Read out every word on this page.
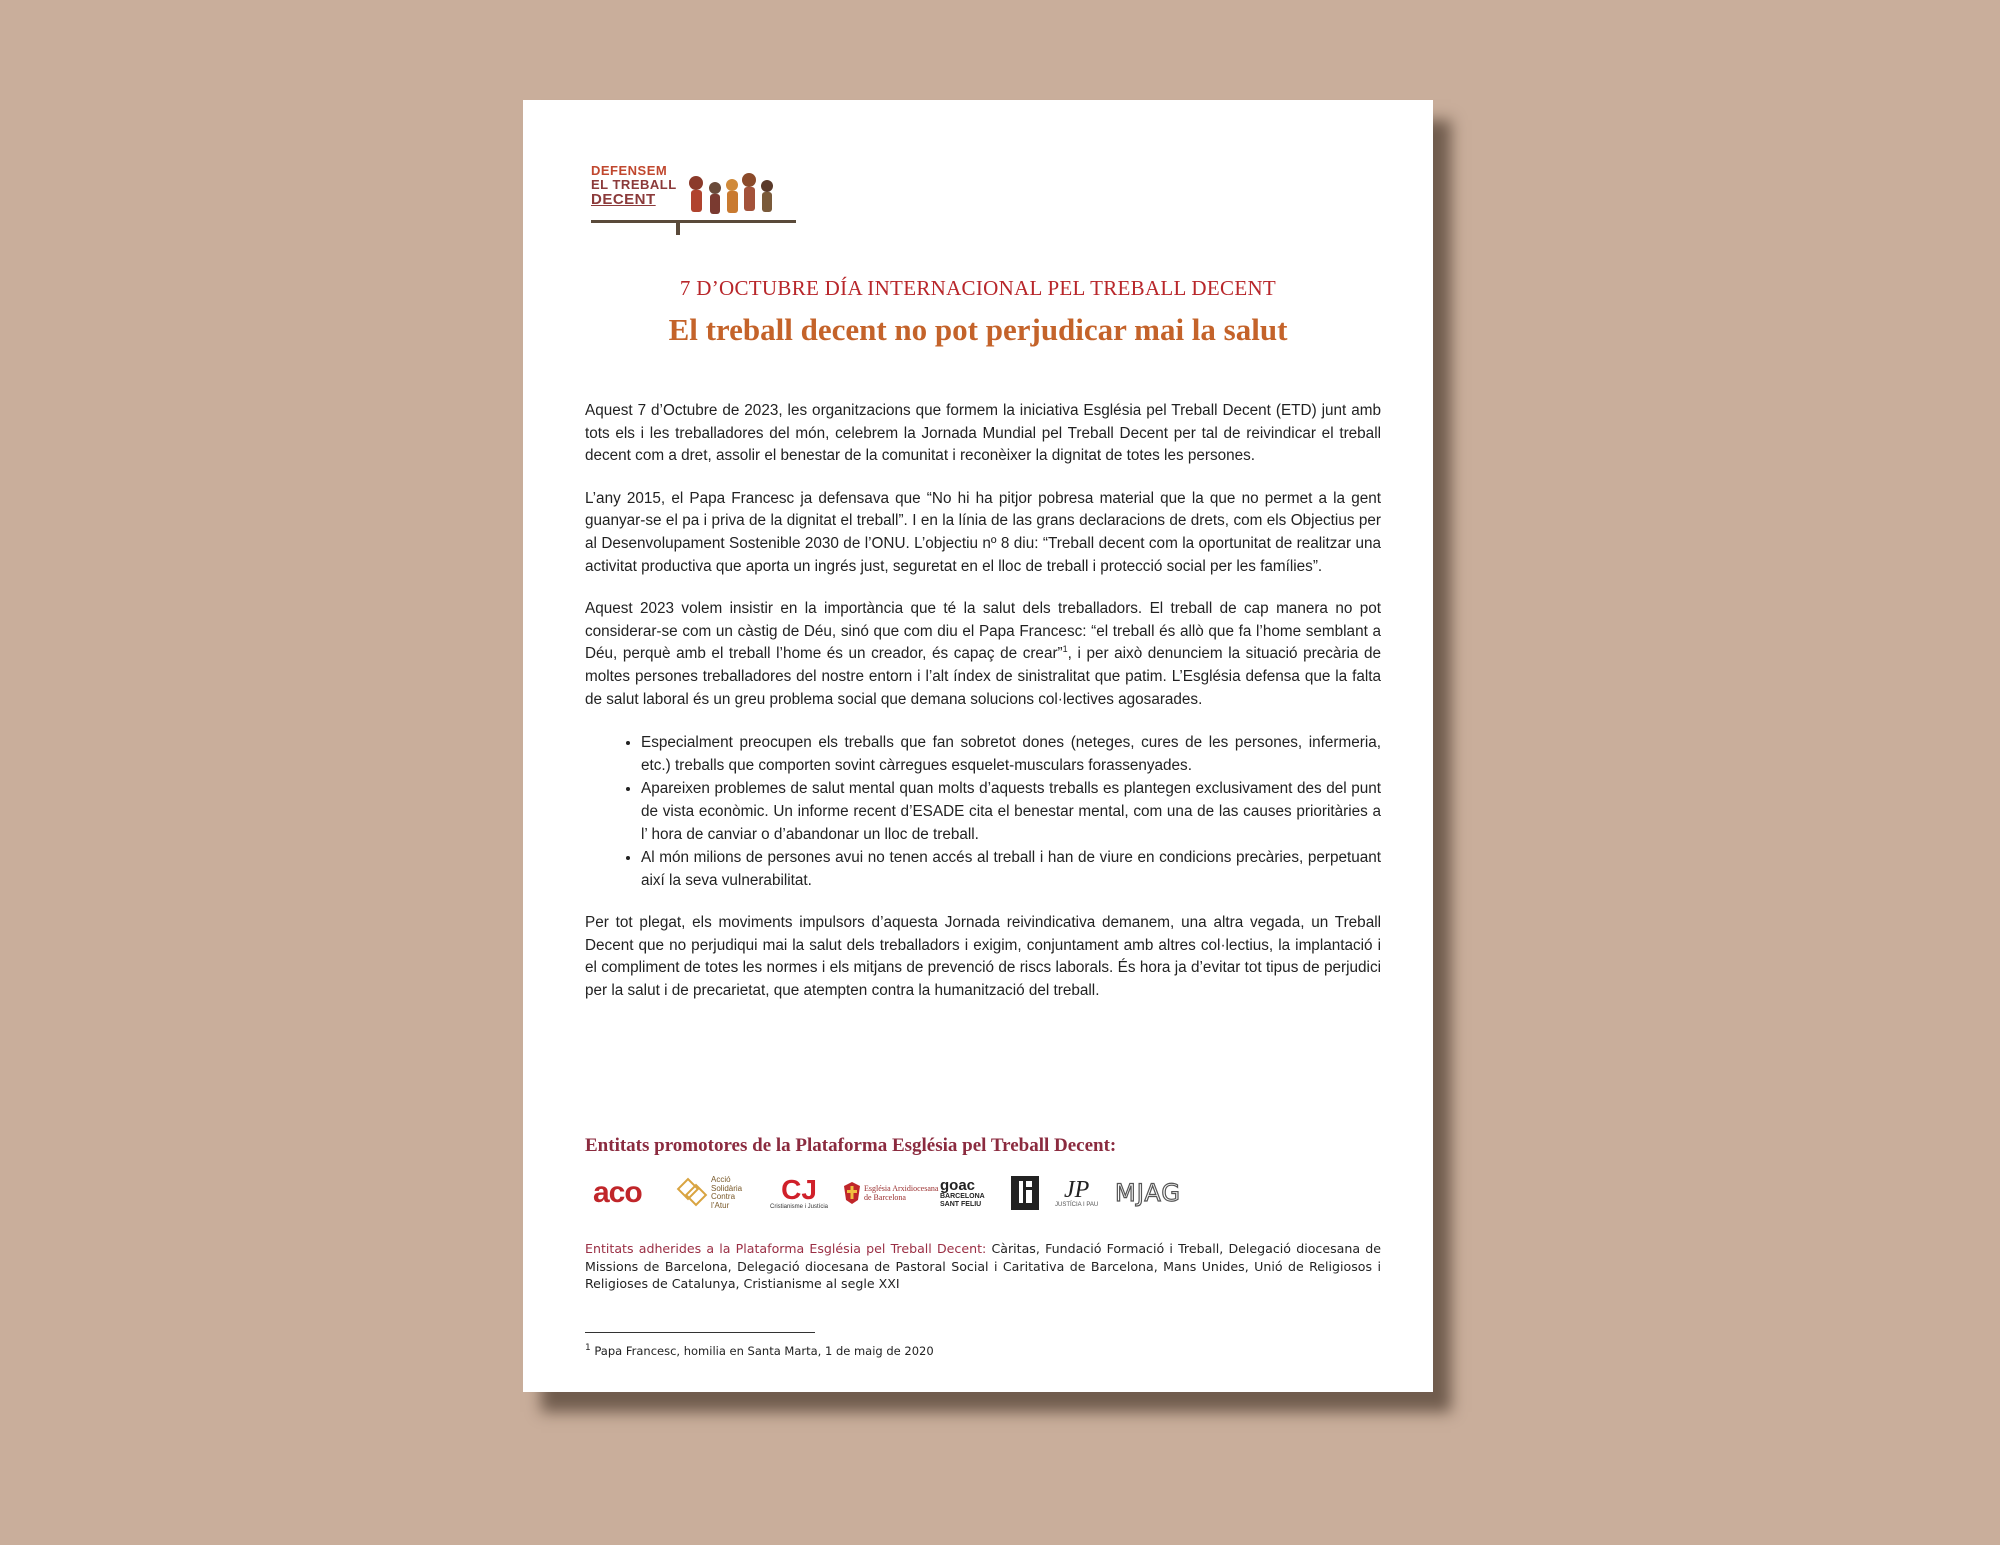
DEFENSEM
EL TREBALL
DECENT
7 D’OCTUBRE DÍA INTERNACIONAL PEL TREBALL DECENT
El treball decent no pot perjudicar mai la salut

Aquest 7 d’Octubre de 2023, les organitzacions que formem la iniciativa Església pel Treball Decent (ETD) junt amb tots els i les treballadores del món, celebrem la Jornada Mundial pel Treball Decent per tal de reivindicar el treball decent com a dret, assolir el benestar de la comunitat i reconèixer la dignitat de totes les persones.

L’any 2015, el Papa Francesc ja defensava que “No hi ha pitjor pobresa material que la que no permet a la gent guanyar-se el pa i priva de la dignitat el treball”. I en la línia de las grans declaracions de drets, com els Objectius per al Desenvolupament Sostenible 2030 de l’ONU. L’objectiu nº 8 diu: “Treball decent com la oportunitat de realitzar una activitat productiva que aporta un ingrés just, seguretat en el lloc de treball i protecció social per les famílies”.

Aquest 2023 volem insistir en la importància que té la salut dels treballadors. El treball de cap manera no pot considerar-se com un càstig de Déu, sinó que com diu el Papa Francesc: “el treball és allò que fa l’home semblant a Déu, perquè amb el treball l’home és un creador, és capaç de crear”$^1$, i per això denunciem la situació precària de moltes persones treballadores del nostre entorn i l’alt índex de sinistralitat que patim. L’Església defensa que la falta de salut laboral és un greu problema social que demana solucions col·lectives agosarades.

• Especialment preocupen els treballs que fan sobretot dones (neteges, cures de les persones, infermeria, etc.) treballs que comporten sovint càrregues esquelet-musculars forassenyades.
• Apareixen problemes de salut mental quan molts d’aquests treballs es plantegen exclusivament des del punt de vista econòmic. Un informe recent d’ESADE cita el benestar mental, com una de las causes prioritàries a l’ hora de canviar o d’abandonar un lloc de treball.
• Al món milions de persones avui no tenen accés al treball i han de viure en condicions precàries, perpetuant així la seva vulnerabilitat.

Per tot plegat, els moviments impulsors d’aquesta Jornada reivindicativa demanem, una altra vegada, un Treball Decent que no perjudiqui mai la salut dels treballadors i exigim, conjuntament amb altres col·lectius, la implantació i el compliment de totes les normes i els mitjans de prevenció de riscs laborals. És hora ja d’evitar tot tipus de perjudici per la salut i de precarietat, que atempten contra la humanització del treball.

Entitats promotores de la Plataforma Església pel Treball Decent:
aco	Acció
Solidària
Contra
l’Atur	CJ
Cristianisme i Justícia
Església Arxidiocesana
de Barcelona
goac
BARCELONA
SANT FELIU
JP
JUSTÍCIA I PAU MJAG
Entitats adherides a la Plataforma Església pel Treball Decent: Càritas, Fundació Formació i Treball, Delegació diocesana de Missions de Barcelona, Delegació diocesana de Pastoral Social i Caritativa de Barcelona, Mans Unides, Unió de Religiosos i Religioses de Catalunya, Cristianisme al segle XXI
$^1$ Papa Francesc, homilia en Santa Marta, 1 de maig de 2020
